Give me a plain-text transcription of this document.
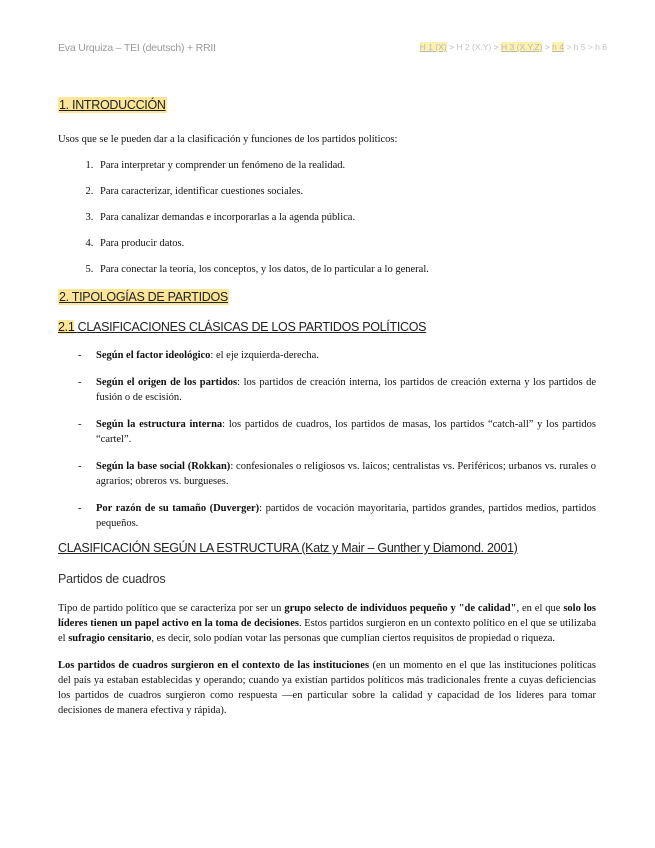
Eva Urquiza – TEI (deutsch) + RRII	H 1 (X) > H 2 (X.Y) > H 3 (X.Y.Z) > h 4 > h 5 > h 6
1. INTRODUCCIÓN

Usos que se le pueden dar a la clasificación y funciones de los partidos políticos:

1. Para interpretar y comprender un fenómeno de la realidad.
2. Para caracterizar, identificar cuestiones sociales.
3. Para canalizar demandas e incorporarlas a la agenda pública.
4. Para producir datos.
5. Para conectar la teoría, los conceptos, y los datos, de lo particular a lo general.
2. TIPOLOGÍAS DE PARTIDOS
2.1 CLASIFICACIONES CLÁSICAS DE LOS PARTIDOS POLÍTICOS
- Según el factor ideológico: el eje izquierda-derecha.
- Según el origen de los partidos: los partidos de creación interna, los partidos de creación externa y los partidos de fusión o de escisión.
- Según la estructura interna: los partidos de cuadros, los partidos de masas, los partidos “catch-all” y los partidos “cartel”.
- Según la base social (Rokkan): confesionales o religiosos vs. laicos; centralistas vs. Periféricos; urbanos vs. rurales o agrarios; obreros vs. burgueses.
- Por razón de su tamaño (Duverger): partidos de vocación mayoritaria, partidos grandes, partidos medios, partidos pequeños.
CLASIFICACIÓN SEGÚN LA ESTRUCTURA (Katz y Mair – Gunther y Diamond. 2001)
Partidos de cuadros

Tipo de partido político que se caracteriza por ser un grupo selecto de individuos pequeño y "de calidad", en el que solo los líderes tienen un papel activo en la toma de decisiones. Estos partidos surgieron en un contexto político en el que se utilizaba el sufragio censitario, es decir, solo podían votar las personas que cumplían ciertos requisitos de propiedad o riqueza.

Los partidos de cuadros surgieron en el contexto de las instituciones (en un momento en el que las instituciones políticas del país ya estaban establecidas y operando; cuando ya existían partidos políticos más tradicionales frente a cuyas deficiencias los partidos de cuadros surgieron como respuesta —en particular sobre la calidad y capacidad de los líderes para tomar decisiones de manera efectiva y rápida).
